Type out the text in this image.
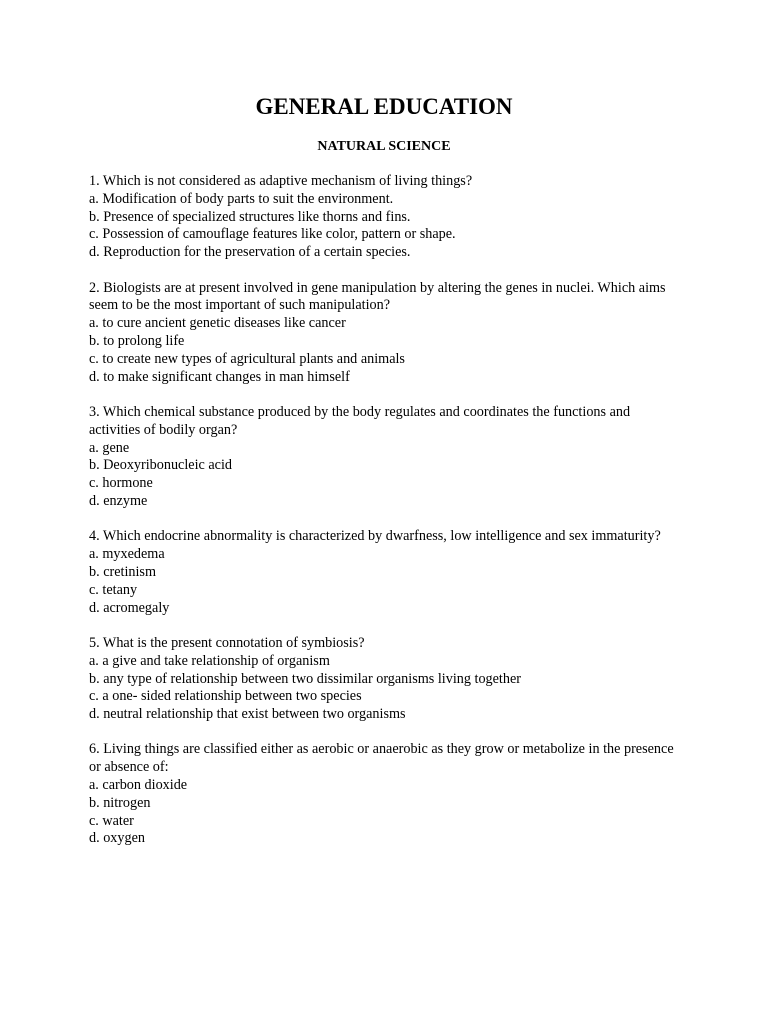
GENERAL EDUCATION
NATURAL SCIENCE

1. Which is not considered as adaptive mechanism of living things?

a. Modification of body parts to suit the environment.

b. Presence of specialized structures like thorns and fins.

c. Possession of camouflage features like color, pattern or shape.

d. Reproduction for the preservation of a certain species.

2. Biologists are at present involved in gene manipulation by altering the genes in nuclei. Which aims seem to be the most important of such manipulation?

a. to cure ancient genetic diseases like cancer

b. to prolong life

c. to create new types of agricultural plants and animals

d. to make significant changes in man himself

3. Which chemical substance produced by the body regulates and coordinates the functions and activities of bodily organ?

a. gene

b. Deoxyribonucleic acid

c. hormone

d. enzyme

4. Which endocrine abnormality is characterized by dwarfness, low intelligence and sex immaturity?

a. myxedema

b. cretinism

c. tetany

d. acromegaly

5. What is the present connotation of symbiosis?

a. a give and take relationship of organism

b. any type of relationship between two dissimilar organisms living together

c. a one- sided relationship between two species

d. neutral relationship that exist between two organisms

6. Living things are classified either as aerobic or anaerobic as they grow or metabolize in the presence or absence of:

a. carbon dioxide

b. nitrogen

c. water

d. oxygen
